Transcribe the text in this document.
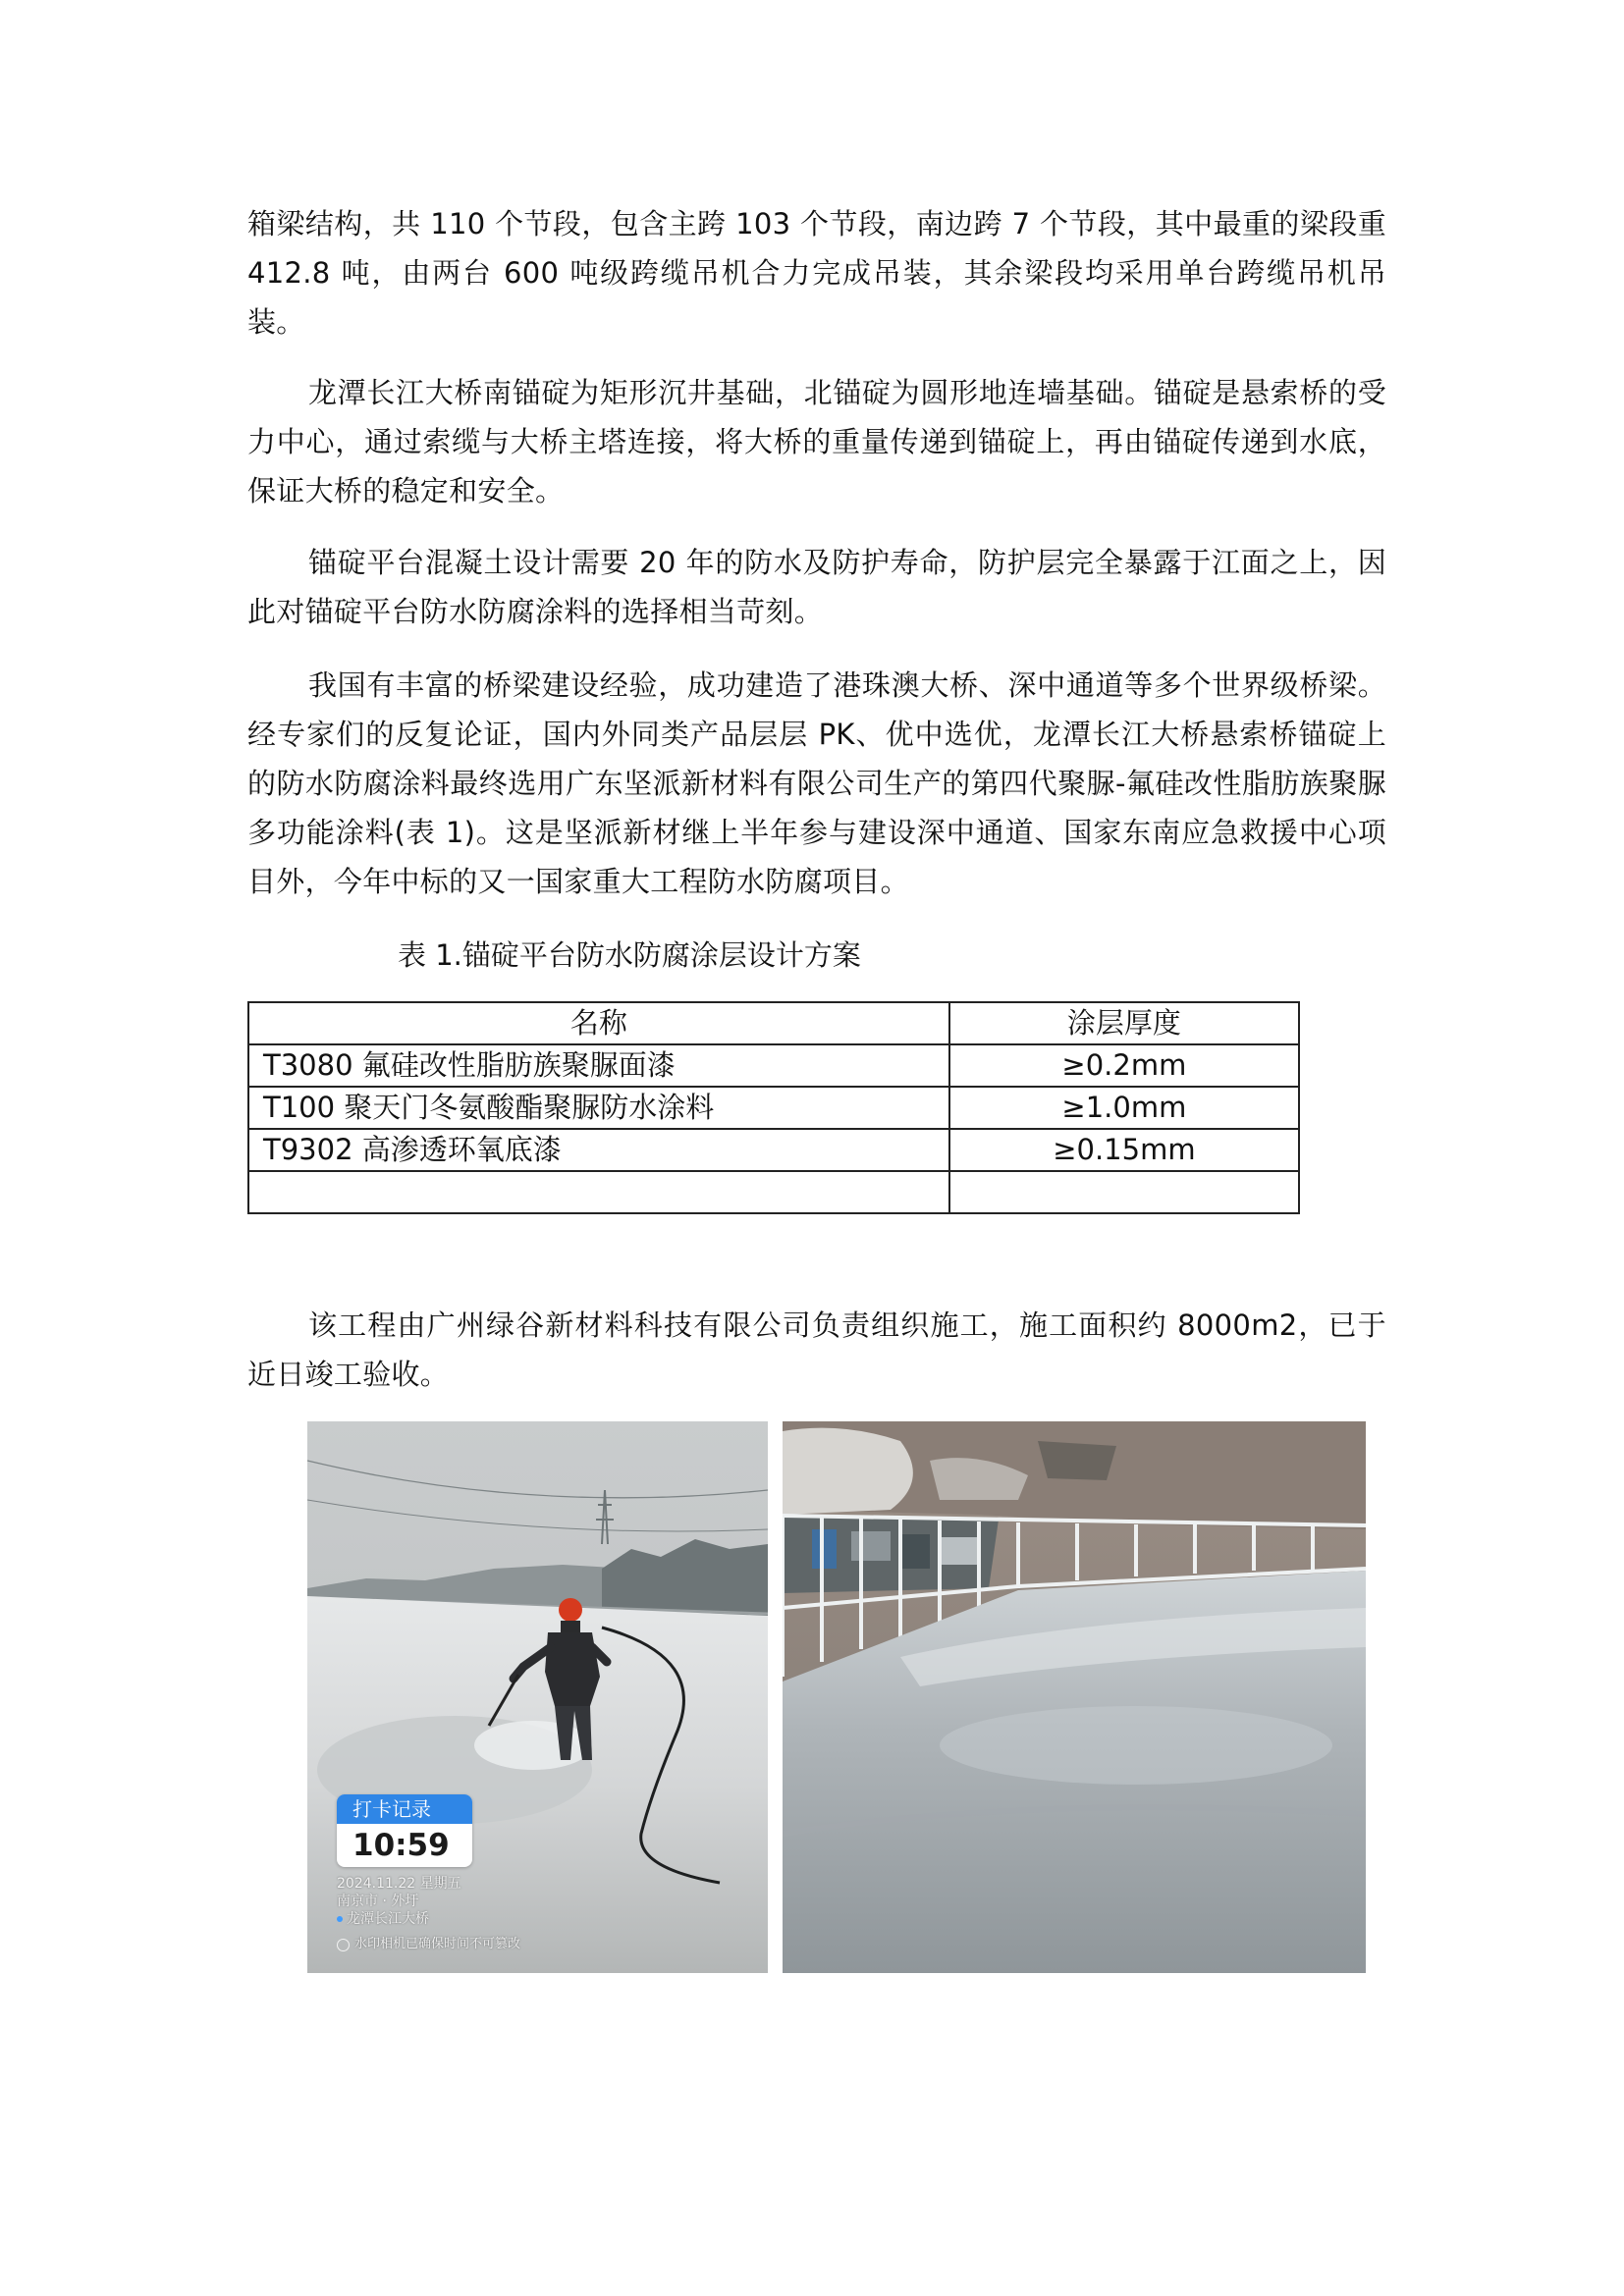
箱梁结构，共 110 个节段，包含主跨 103 个节段，南边跨 7 个节段，其中最重的梁段重 412.8 吨，由两台 600 吨级跨缆吊机合力完成吊装，其余梁段均采用单台跨缆吊机吊装。

龙潭长江大桥南锚碇为矩形沉井基础，北锚碇为圆形地连墙基础。锚碇是悬索桥的受力中心，通过索缆与大桥主塔连接，将大桥的重量传递到锚碇上，再由锚碇传递到水底，保证大桥的稳定和安全。

锚碇平台混凝土设计需要 20 年的防水及防护寿命，防护层完全暴露于江面之上，因此对锚碇平台防水防腐涂料的选择相当苛刻。

我国有丰富的桥梁建设经验，成功建造了港珠澳大桥、深中通道等多个世界级桥梁。经专家们的反复论证，国内外同类产品层层 PK、优中选优，龙潭长江大桥悬索桥锚碇上的防水防腐涂料最终选用广东坚派新材料有限公司生产的第四代聚脲-氟硅改性脂肪族聚脲多功能涂料(表 1)。这是坚派新材继上半年参与建设深中通道、国家东南应急救援中心项目外，今年中标的又一国家重大工程防水防腐项目。

表 1.锚碇平台防水防腐涂层设计方案

名称	涂层厚度
T3080 氟硅改性脂肪族聚脲面漆	≥0.2mm
T100 聚天门冬氨酸酯聚脲防水涂料	≥1.0mm
T9302 高渗透环氧底漆	≥0.15mm

该工程由广州绿谷新材料科技有限公司负责组织施工，施工面积约 8000m2，已于近日竣工验收。

打卡记录
10:59
2024.11.22 星期五
南京市 · 外圩
龙潭长江大桥
水印相机已确保时间不可篡改
